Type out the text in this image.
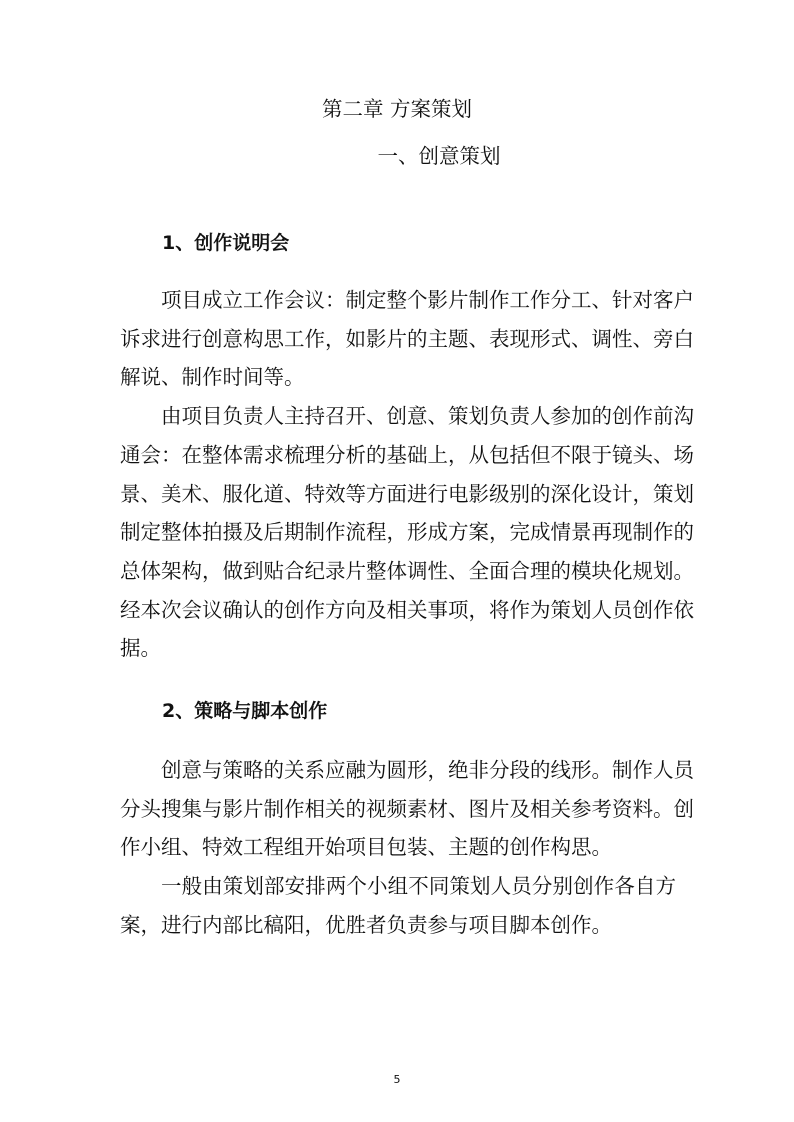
第二章 方案策划
一、创意策划
1、创作说明会
2、策略与脚本创作
项目成立工作会议：制定整个影片制作工作分工、针对客户
诉求进行创意构思工作，如影片的主题、表现形式、调性、旁白
解说、制作时间等。
由项目负责人主持召开、创意、策划负责人参加的创作前沟
通会：在整体需求梳理分析的基础上，从包括但不限于镜头、场
景、美术、服化道、特效等方面进行电影级别的深化设计，策划
制定整体拍摄及后期制作流程，形成方案，完成情景再现制作的
总体架构，做到贴合纪录片整体调性、全面合理的模块化规划。
经本次会议确认的创作方向及相关事项，将作为策划人员创作依
据。
创意与策略的关系应融为圆形，绝非分段的线形。制作人员
分头搜集与影片制作相关的视频素材、图片及相关参考资料。创
作小组、特效工程组开始项目包装、主题的创作构思。
一般由策划部安排两个小组不同策划人员分别创作各自方
案，进行内部比稿阳，优胜者负责参与项目脚本创作。
5
